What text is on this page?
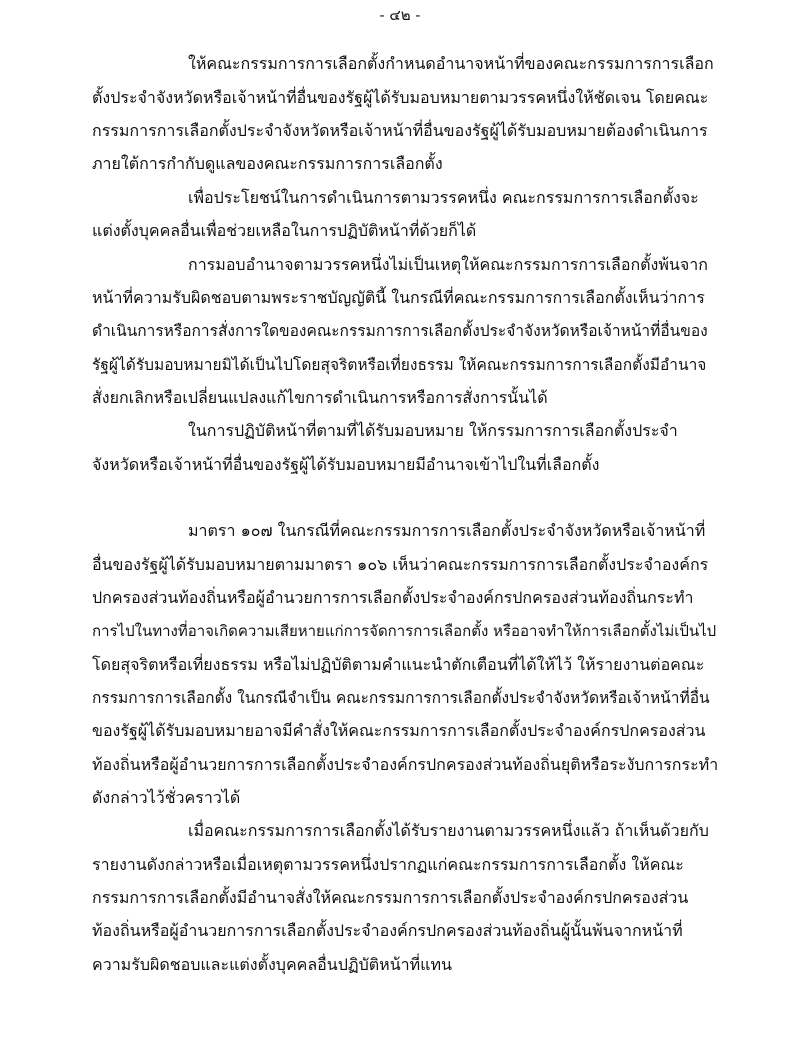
- ๔๒ -
ให้คณะกรรมการการเลือกตั้งกำหนดอำนาจหน้าที่ของคณะกรรมการการเลือก
ตั้งประจำจังหวัดหรือเจ้าหน้าที่อื่นของรัฐผู้ได้รับมอบหมายตามวรรคหนึ่งให้ชัดเจน โดยคณะ
กรรมการการเลือกตั้งประจำจังหวัดหรือเจ้าหน้าที่อื่นของรัฐผู้ได้รับมอบหมายต้องดำเนินการ
ภายใต้การกำกับดูแลของคณะกรรมการการเลือกตั้ง
เพื่อประโยชน์ในการดำเนินการตามวรรคหนึ่ง คณะกรรมการการเลือกตั้งจะ
แต่งตั้งบุคคลอื่นเพื่อช่วยเหลือในการปฏิบัติหน้าที่ด้วยก็ได้
การมอบอำนาจตามวรรคหนึ่งไม่เป็นเหตุให้คณะกรรมการการเลือกตั้งพ้นจาก
หน้าที่ความรับผิดชอบตามพระราชบัญญัตินี้ ในกรณีที่คณะกรรมการการเลือกตั้งเห็นว่าการ
ดำเนินการหรือการสั่งการใดของคณะกรรมการการเลือกตั้งประจำจังหวัดหรือเจ้าหน้าที่อื่นของ
รัฐผู้ได้รับมอบหมายมิได้เป็นไปโดยสุจริตหรือเที่ยงธรรม ให้คณะกรรมการการเลือกตั้งมีอำนาจ
สั่งยกเลิกหรือเปลี่ยนแปลงแก้ไขการดำเนินการหรือการสั่งการนั้นได้
ในการปฏิบัติหน้าที่ตามที่ได้รับมอบหมาย ให้กรรมการการเลือกตั้งประจำ
จังหวัดหรือเจ้าหน้าที่อื่นของรัฐผู้ได้รับมอบหมายมีอำนาจเข้าไปในที่เลือกตั้ง
มาตรา ๑๐๗ ในกรณีที่คณะกรรมการการเลือกตั้งประจำจังหวัดหรือเจ้าหน้าที่
อื่นของรัฐผู้ได้รับมอบหมายตามมาตรา ๑๐๖ เห็นว่าคณะกรรมการการเลือกตั้งประจำองค์กร
ปกครองส่วนท้องถิ่นหรือผู้อำนวยการการเลือกตั้งประจำองค์กรปกครองส่วนท้องถิ่นกระทำ
การไปในทางที่อาจเกิดความเสียหายแก่การจัดการการเลือกตั้ง หรืออาจทำให้การเลือกตั้งไม่เป็นไป
โดยสุจริตหรือเที่ยงธรรม หรือไม่ปฏิบัติตามคำแนะนำตักเตือนที่ได้ให้ไว้ ให้รายงานต่อคณะ
กรรมการการเลือกตั้ง ในกรณีจำเป็น คณะกรรมการการเลือกตั้งประจำจังหวัดหรือเจ้าหน้าที่อื่น
ของรัฐผู้ได้รับมอบหมายอาจมีคำสั่งให้คณะกรรมการการเลือกตั้งประจำองค์กรปกครองส่วน
ท้องถิ่นหรือผู้อำนวยการการเลือกตั้งประจำองค์กรปกครองส่วนท้องถิ่นยุติหรือระงับการกระทำ
ดังกล่าวไว้ชั่วคราวได้
เมื่อคณะกรรมการการเลือกตั้งได้รับรายงานตามวรรคหนึ่งแล้ว ถ้าเห็นด้วยกับ
รายงานดังกล่าวหรือเมื่อเหตุตามวรรคหนึ่งปรากฏแก่คณะกรรมการการเลือกตั้ง ให้คณะ
กรรมการการเลือกตั้งมีอำนาจสั่งให้คณะกรรมการการเลือกตั้งประจำองค์กรปกครองส่วน
ท้องถิ่นหรือผู้อำนวยการการเลือกตั้งประจำองค์กรปกครองส่วนท้องถิ่นผู้นั้นพ้นจากหน้าที่
ความรับผิดชอบและแต่งตั้งบุคคลอื่นปฏิบัติหน้าที่แทน
